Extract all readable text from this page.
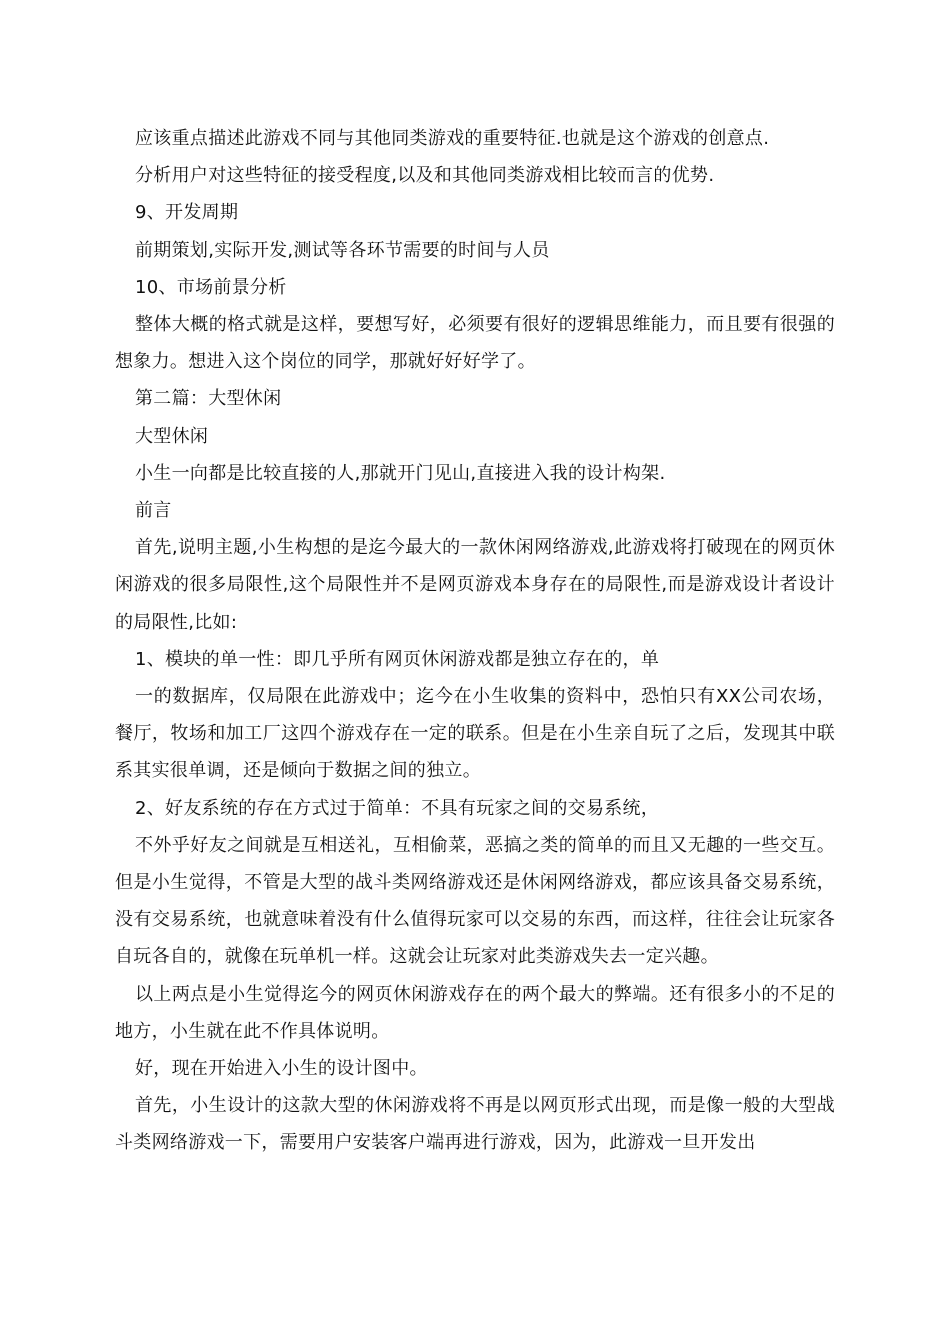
应该重点描述此游戏不同与其他同类游戏的重要特征.也就是这个游戏的创意点.

分析用户对这些特征的接受程度,以及和其他同类游戏相比较而言的优势.

9、开发周期

前期策划,实际开发,测试等各环节需要的时间与人员

10、市场前景分析

整体大概的格式就是这样，要想写好，必须要有很好的逻辑思维能力，而且要有很强的想象力。想进入这个岗位的同学，那就好好好学了。

第二篇：大型休闲

大型休闲

小生一向都是比较直接的人,那就开门见山,直接进入我的设计构架.

前言

首先,说明主题,小生构想的是迄今最大的一款休闲网络游戏,此游戏将打破现在的网页休闲游戏的很多局限性,这个局限性并不是网页游戏本身存在的局限性,而是游戏设计者设计的局限性,比如:

1、模块的单一性：即几乎所有网页休闲游戏都是独立存在的，单

一的数据库，仅局限在此游戏中；迄今在小生收集的资料中，恐怕只有XX公司农场，餐厅，牧场和加工厂这四个游戏存在一定的联系。但是在小生亲自玩了之后，发现其中联系其实很单调，还是倾向于数据之间的独立。

2、好友系统的存在方式过于简单：不具有玩家之间的交易系统，

不外乎好友之间就是互相送礼，互相偷菜，恶搞之类的简单的而且又无趣的一些交互。但是小生觉得，不管是大型的战斗类网络游戏还是休闲网络游戏，都应该具备交易系统，没有交易系统，也就意味着没有什么值得玩家可以交易的东西，而这样，往往会让玩家各自玩各自的，就像在玩单机一样。这就会让玩家对此类游戏失去一定兴趣。

以上两点是小生觉得迄今的网页休闲游戏存在的两个最大的弊端。还有很多小的不足的地方，小生就在此不作具体说明。

好，现在开始进入小生的设计图中。

首先，小生设计的这款大型的休闲游戏将不再是以网页形式出现，而是像一般的大型战斗类网络游戏一下，需要用户安装客户端再进行游戏，因为，此游戏一旦开发出
